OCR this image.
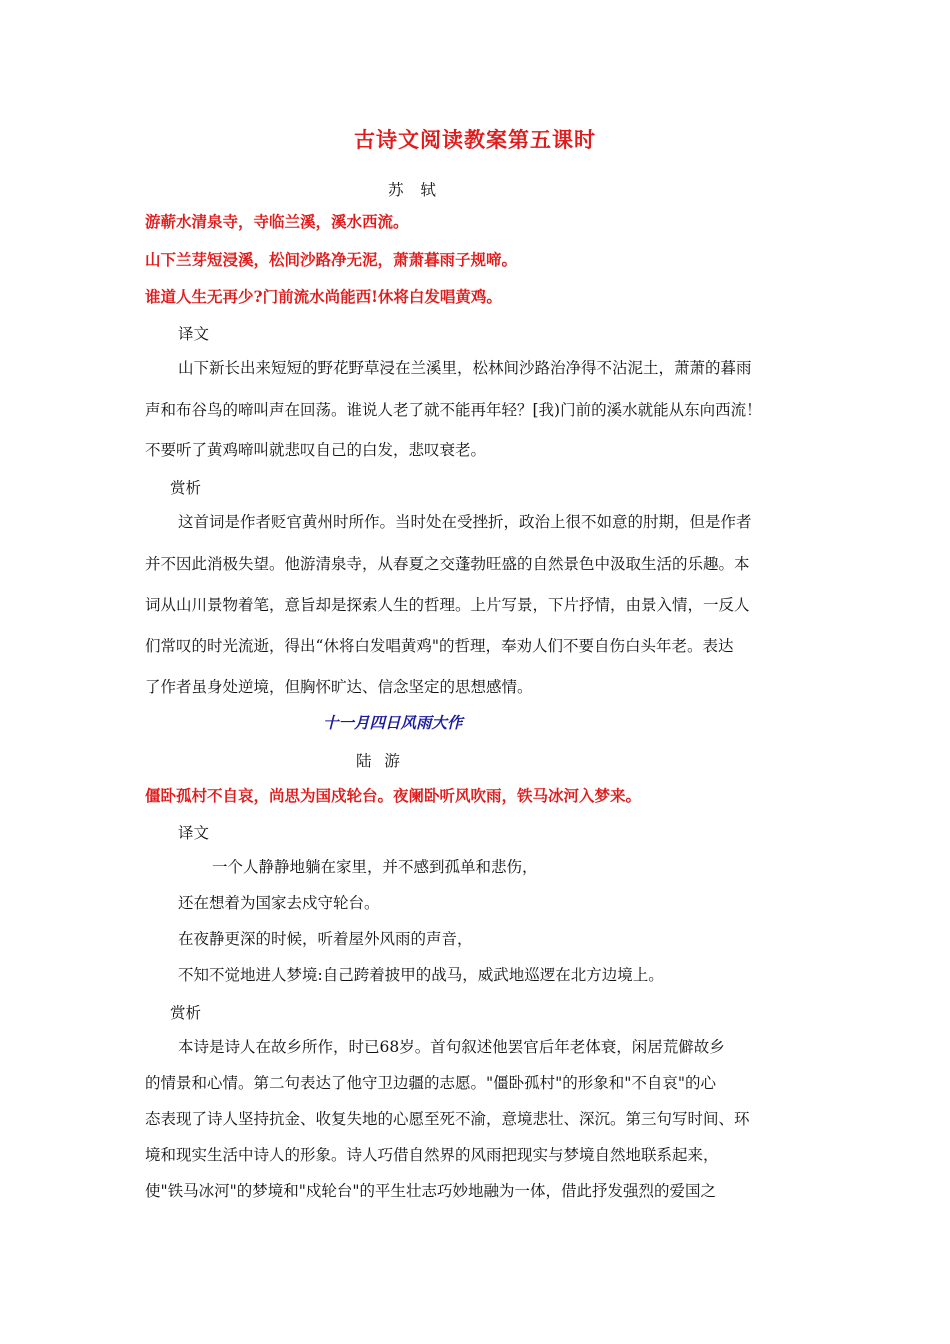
古诗文阅读教案第五课时
苏 轼
游蕲水清泉寺，寺临兰溪，溪水西流。
山下兰芽短浸溪，松间沙路净无泥，萧萧暮雨子规啼。
谁道人生无再少?门前流水尚能西!休将白发唱黄鸡。
译文
山下新长出来短短的野花野草浸在兰溪里，松林间沙路治净得不沾泥土，萧萧的暮雨
声和布谷鸟的啼叫声在回荡。谁说人老了就不能再年轻？[我)门前的溪水就能从东向西流！
不要听了黄鸡啼叫就悲叹自己的白发，悲叹衰老。
赏析
这首词是作者贬官黄州时所作。当时处在受挫折，政治上很不如意的肘期，但是作者
并不因此消极失望。他游清泉寺，从春夏之交蓬勃旺盛的自然景色中汲取生活的乐趣。本
词从山川景物着笔，意旨却是探索人生的哲理。上片写景，下片抒情，由景入情，一反人
们常叹的时光流逝，得出“休将白发唱黄鸡"的哲理，奉劝人们不要自伤白头年老。表达
了作者虽身处逆境，但胸怀旷达、信念坚定的思想感情。
十一月四日风雨大作
陆 游
僵卧孤村不自哀，尚思为国戍轮台。夜阑卧听风吹雨，铁马冰河入梦来。
译文
一个人静静地躺在家里，并不感到孤单和悲伤，
还在想着为国家去戍守轮台。
在夜静更深的时候，听着屋外风雨的声音，
不知不觉地进人梦境:自己跨着披甲的战马，威武地巡逻在北方边境上。
赏析
本诗是诗人在故乡所作，时已68岁。首句叙述他罢官后年老体衰，闲居荒僻故乡
的情景和心情。第二句表达了他守卫边疆的志愿。"僵卧孤村"的形象和"不自哀"的心
态表现了诗人坚持抗金、收复失地的心愿至死不渝，意境悲壮、深沉。第三句写时间、环
境和现实生活中诗人的形象。诗人巧借自然界的风雨把现实与梦境自然地联系起来，
使"铁马冰河"的梦境和"戍轮台"的平生壮志巧妙地融为一体，借此抒发强烈的爱国之
